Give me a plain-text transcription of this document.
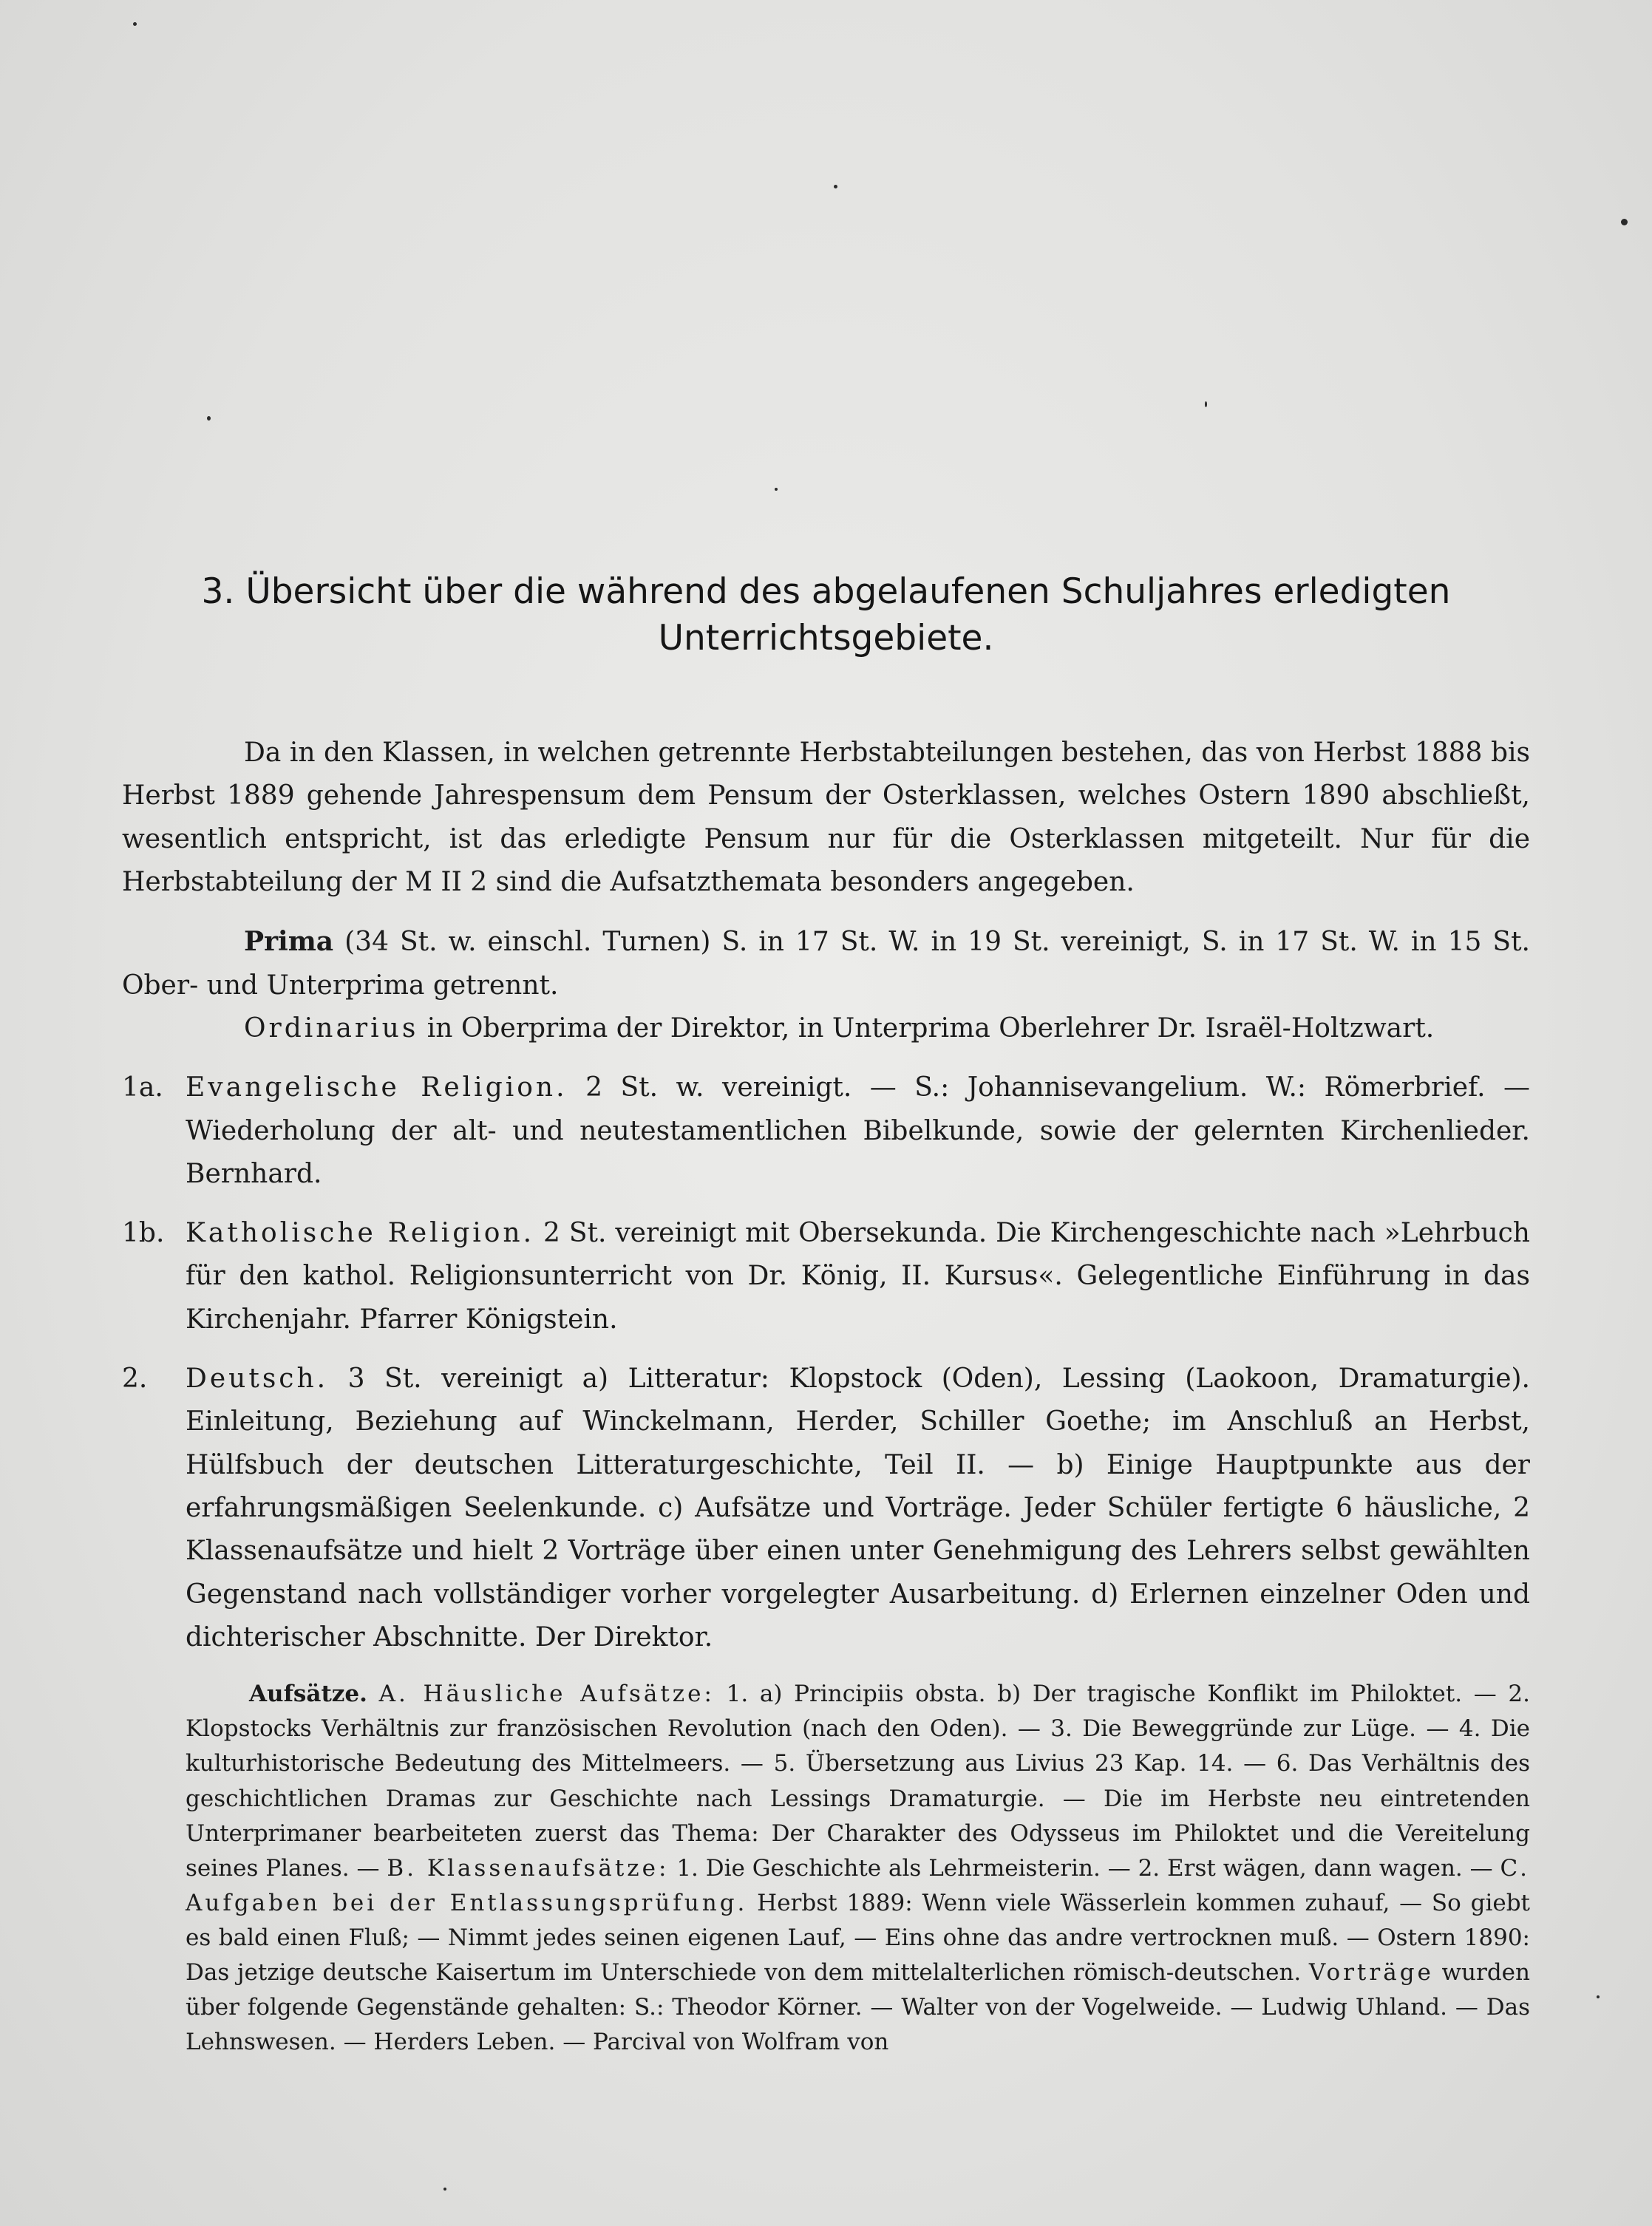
3. Übersicht über die während des abgelaufenen Schuljahres erledigten
Unterrichtsgebiete.

Da in den Klassen, in welchen getrennte Herbstabteilungen bestehen, das von Herbst 1888 bis Herbst 1889 gehende Jahrespensum dem Pensum der Osterklassen, welches Ostern 1890 abschließt, wesentlich entspricht, ist das erledigte Pensum nur für die Osterklassen mitgeteilt. Nur für die Herbstabteilung der M II 2 sind die Aufsatzthemata besonders angegeben.

Prima (34 St. w. einschl. Turnen) S. in 17 St. W. in 19 St. vereinigt, S. in 17 St. W. in 15 St. Ober- und Unterprima getrennt.

Ordinarius in Oberprima der Direktor, in Unterprima Oberlehrer Dr. Israël-Holtzwart.

1a. Evangelische Religion. 2 St. w. vereinigt. — S.: Johannisevangelium. W.: Römerbrief. — Wiederholung der alt- und neutestamentlichen Bibelkunde, sowie der gelernten Kirchenlieder. Bernhard.

1b. Katholische Religion. 2 St. vereinigt mit Obersekunda. Die Kirchengeschichte nach »Lehrbuch für den kathol. Religionsunterricht von Dr. König, II. Kursus«. Gelegentliche Einführung in das Kirchenjahr. Pfarrer Königstein.

2. Deutsch. 3 St. vereinigt a) Litteratur: Klopstock (Oden), Lessing (Laokoon, Dramaturgie). Einleitung, Beziehung auf Winckelmann, Herder, Schiller Goethe; im Anschluß an Herbst, Hülfsbuch der deutschen Litteraturgeschichte, Teil II. — b) Einige Hauptpunkte aus der erfahrungsmäßigen Seelenkunde. c) Aufsätze und Vorträge. Jeder Schüler fertigte 6 häusliche, 2 Klassenaufsätze und hielt 2 Vorträge über einen unter Genehmigung des Lehrers selbst gewählten Gegenstand nach vollständiger vorher vorgelegter Ausarbeitung. d) Erlernen einzelner Oden und dichterischer Abschnitte. Der Direktor.

Aufsätze. A. Häusliche Aufsätze: 1. a) Principiis obsta. b) Der tragische Konflikt im Philoktet. — 2. Klopstocks Verhältnis zur französischen Revolution (nach den Oden). — 3. Die Beweggründe zur Lüge. — 4. Die kulturhistorische Bedeutung des Mittelmeers. — 5. Übersetzung aus Livius 23 Kap. 14. — 6. Das Verhältnis des geschichtlichen Dramas zur Geschichte nach Lessings Dramaturgie. — Die im Herbste neu eintretenden Unterprimaner bearbeiteten zuerst das Thema: Der Charakter des Odysseus im Philoktet und die Vereitelung seines Planes. — B. Klassenaufsätze: 1. Die Geschichte als Lehrmeisterin. — 2. Erst wägen, dann wagen. — C. Aufgaben bei der Entlassungsprüfung. Herbst 1889: Wenn viele Wässerlein kommen zuhauf, — So giebt es bald einen Fluß; — Nimmt jedes seinen eigenen Lauf, — Eins ohne das andre vertrocknen muß. — Ostern 1890: Das jetzige deutsche Kaisertum im Unterschiede von dem mittelalterlichen römisch-deutschen. Vorträge wurden über folgende Gegenstände gehalten: S.: Theodor Körner. — Walter von der Vogelweide. — Ludwig Uhland. — Das Lehnswesen. — Herders Leben. — Parcival von Wolfram von
